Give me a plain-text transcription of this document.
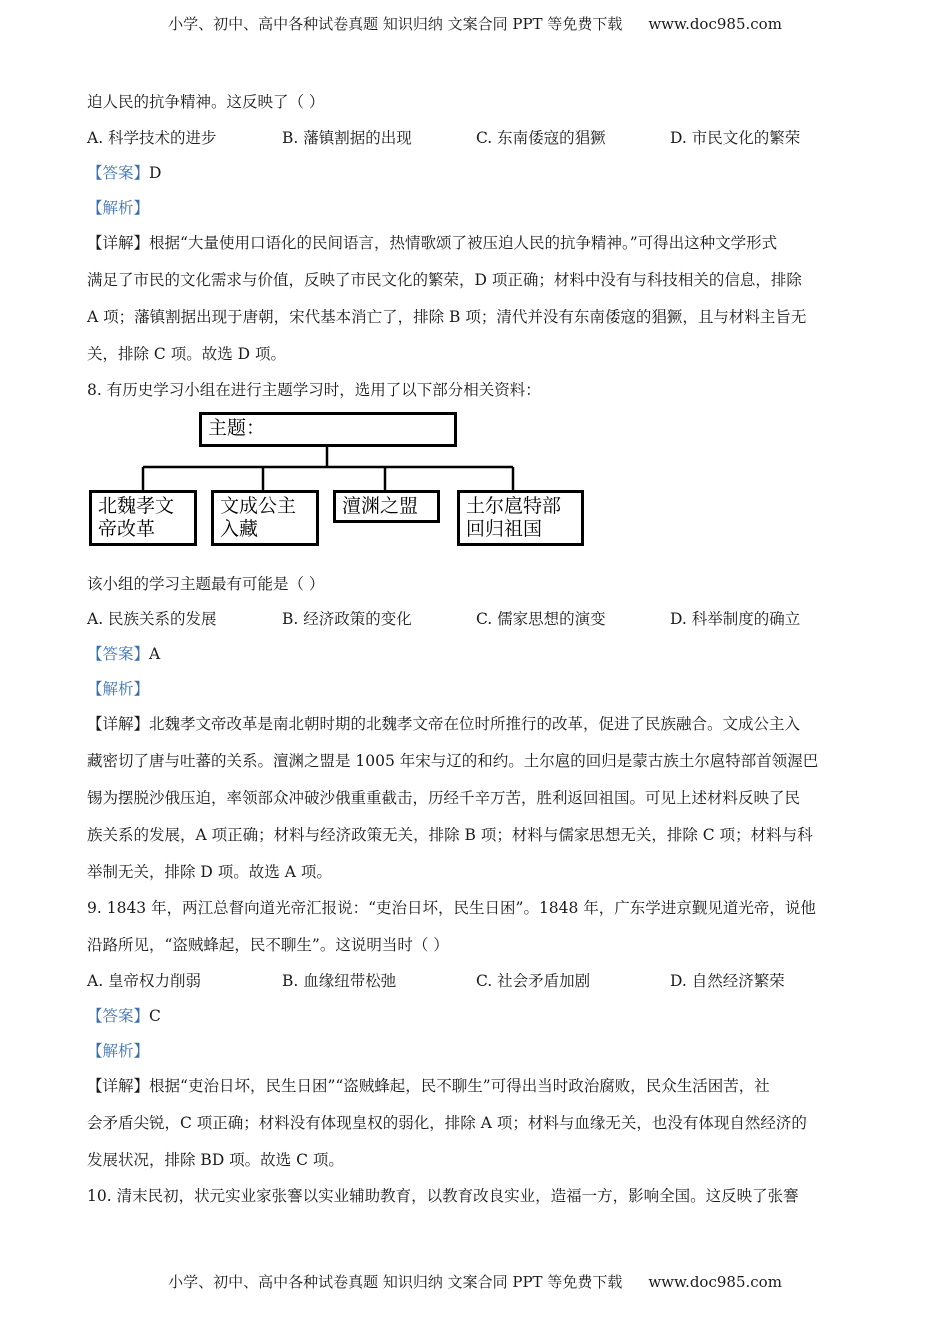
小学、初中、高中各种试卷真题 知识归纳 文案合同 PPT 等免费下载 www.doc985.com
迫人民的抗争精神。这反映了（ ）
A. 科学技术的进步	B. 藩镇割据的出现	C. 东南倭寇的猖獗	D. 市民文化的繁荣
【答案】D
【解析】
【详解】根据“大量使用口语化的民间语言，热情歌颂了被压迫人民的抗争精神。”可得出这种文学形式
满足了市民的文化需求与价值，反映了市民文化的繁荣，D 项正确；材料中没有与科技相关的信息，排除
A 项；藩镇割据出现于唐朝，宋代基本消亡了，排除 B 项；清代并没有东南倭寇的猖獗，且与材料主旨无
关，排除 C 项。故选 D 项。
8. 有历史学习小组在进行主题学习时，选用了以下部分相关资料：
主题：
北魏孝文
帝改革
文成公主
入藏
澶渊之盟	土尔扈特部
回归祖国
该小组的学习主题最有可能是（ ）
A. 民族关系的发展	B. 经济政策的变化	C. 儒家思想的演变	D. 科举制度的确立
【答案】A
【解析】
【详解】北魏孝文帝改革是南北朝时期的北魏孝文帝在位时所推行的改革，促进了民族融合。文成公主入
藏密切了唐与吐蕃的关系。澶渊之盟是 1005 年宋与辽的和约。土尔扈的回归是蒙古族土尔扈特部首领渥巴
锡为摆脱沙俄压迫，率领部众冲破沙俄重重截击，历经千辛万苦，胜利返回祖国。可见上述材料反映了民
族关系的发展，A 项正确；材料与经济政策无关，排除 B 项；材料与儒家思想无关，排除 C 项；材料与科
举制无关，排除 D 项。故选 A 项。
9. 1843 年，两江总督向道光帝汇报说：“吏治日坏，民生日困”。1848 年，广东学进京觐见道光帝，说他
沿路所见，“盗贼蜂起，民不聊生”。这说明当时（ ）
A. 皇帝权力削弱	B. 血缘纽带松弛	C. 社会矛盾加剧	D. 自然经济繁荣
【答案】C
【解析】
【详解】根据“吏治日坏，民生日困”“盗贼蜂起，民不聊生”可得出当时政治腐败，民众生活困苦，社
会矛盾尖锐，C 项正确；材料没有体现皇权的弱化，排除 A 项；材料与血缘无关，也没有体现自然经济的
发展状况，排除 BD 项。故选 C 项。
10. 清末民初，状元实业家张謇以实业辅助教育，以教育改良实业，造福一方，影响全国。这反映了张謇
小学、初中、高中各种试卷真题 知识归纳 文案合同 PPT 等免费下载 www.doc985.com
